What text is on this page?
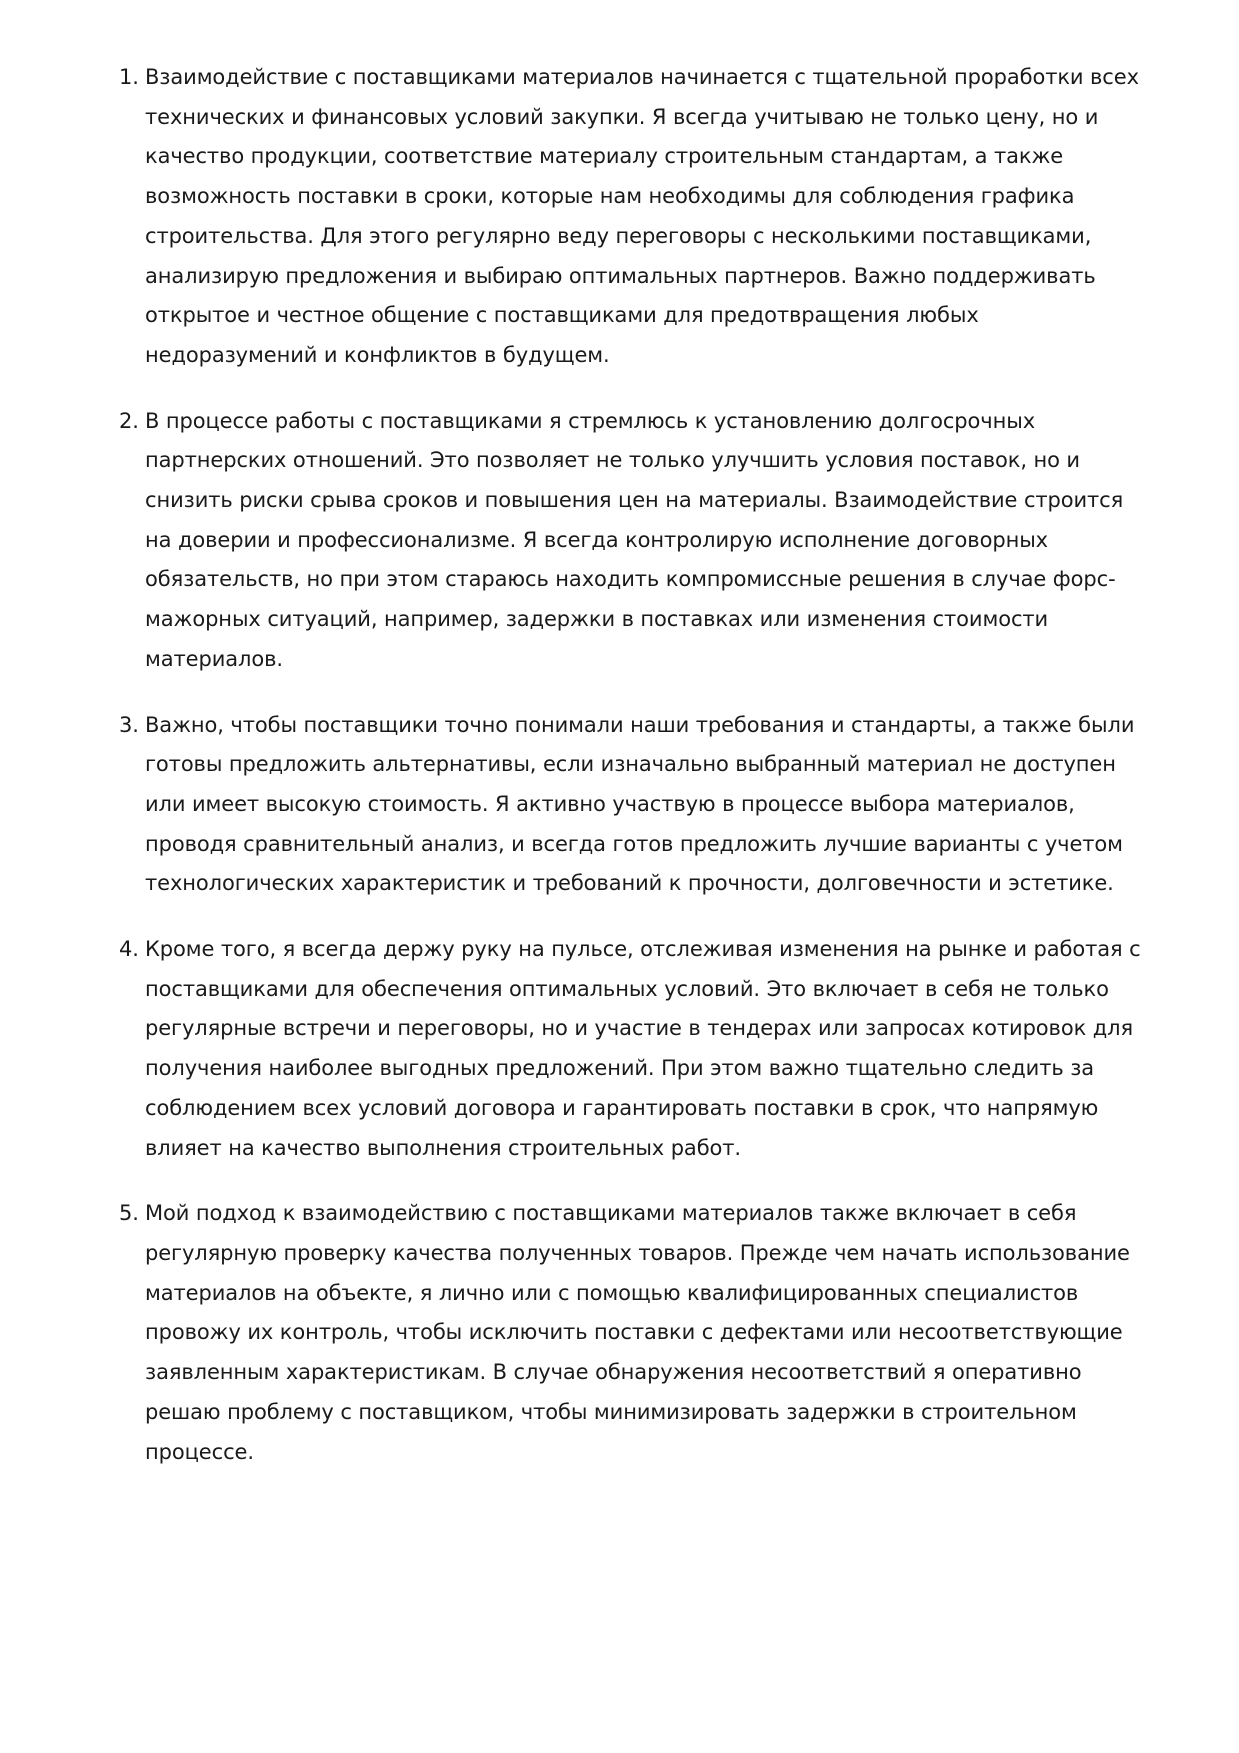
1. Взаимодействие с поставщиками материалов начинается с тщательной проработки всех технических и финансовых условий закупки. Я всегда учитываю не только цену, но и качество продукции, соответствие материалу строительным стандартам, а также возможность поставки в сроки, которые нам необходимы для соблюдения графика строительства. Для этого регулярно веду переговоры с несколькими поставщиками, анализирую предложения и выбираю оптимальных партнеров. Важно поддерживать открытое и честное общение с поставщиками для предотвращения любых недоразумений и конфликтов в будущем.
2. В процессе работы с поставщиками я стремлюсь к установлению долгосрочных партнерских отношений. Это позволяет не только улучшить условия поставок, но и снизить риски срыва сроков и повышения цен на материалы. Взаимодействие строится на доверии и профессионализме. Я всегда контролирую исполнение договорных обязательств, но при этом стараюсь находить компромиссные решения в случае форс-мажорных ситуаций, например, задержки в поставках или изменения стоимости материалов.
3. Важно, чтобы поставщики точно понимали наши требования и стандарты, а также были готовы предложить альтернативы, если изначально выбранный материал не доступен или имеет высокую стоимость. Я активно участвую в процессе выбора материалов, проводя сравнительный анализ, и всегда готов предложить лучшие варианты с учетом технологических характеристик и требований к прочности, долговечности и эстетике.
4. Кроме того, я всегда держу руку на пульсе, отслеживая изменения на рынке и работая с поставщиками для обеспечения оптимальных условий. Это включает в себя не только регулярные встречи и переговоры, но и участие в тендерах или запросах котировок для получения наиболее выгодных предложений. При этом важно тщательно следить за соблюдением всех условий договора и гарантировать поставки в срок, что напрямую влияет на качество выполнения строительных работ.
5. Мой подход к взаимодействию с поставщиками материалов также включает в себя регулярную проверку качества полученных товаров. Прежде чем начать использование материалов на объекте, я лично или с помощью квалифицированных специалистов провожу их контроль, чтобы исключить поставки с дефектами или несоответствующие заявленным характеристикам. В случае обнаружения несоответствий я оперативно решаю проблему с поставщиком, чтобы минимизировать задержки в строительном процессе.
